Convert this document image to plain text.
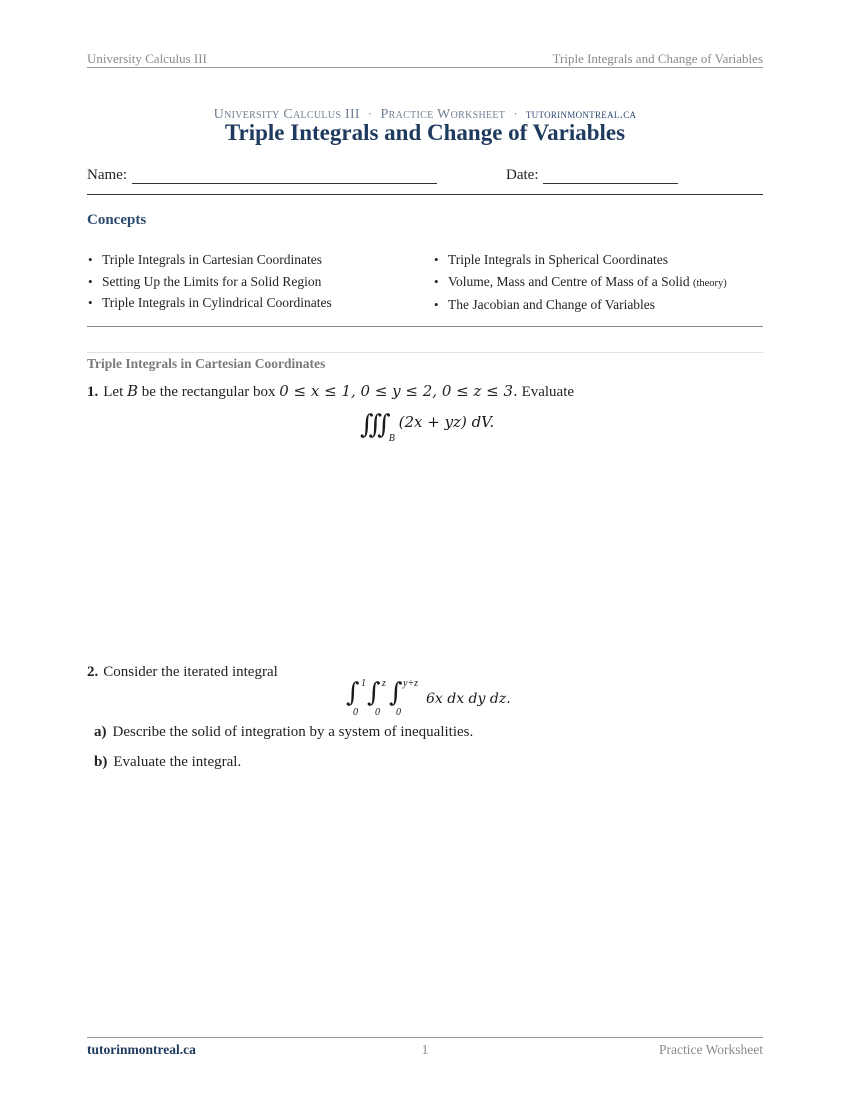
University Calculus III	Triple Integrals and Change of Variables
University Calculus III · Practice Worksheet · tutorinmontreal.ca
Triple Integrals and Change of Variables
Name:	Date:
Concepts
• Triple Integrals in Cartesian Coordinates
• Setting Up the Limits for a Solid Region
• Triple Integrals in Cylindrical Coordinates
• Triple Integrals in Spherical Coordinates
• Volume, Mass and Centre of Mass of a Solid (theory)
• The Jacobian and Change of Variables
Triple Integrals in Cartesian Coordinates
1. Let B be the rectangular box 0 ≤ x ≤ 1, 0 ≤ y ≤ 2, 0 ≤ z ≤ 3. Evaluate
$∭_B$ (2x + yz) dV.
2. Consider the iterated integral
∫ 1
0
∫ z
0
∫ y+z
0
6x dx dy dz.
a) Describe the solid of integration by a system of inequalities.
b) Evaluate the integral.
tutorinmontreal.ca	1	Practice Worksheet
